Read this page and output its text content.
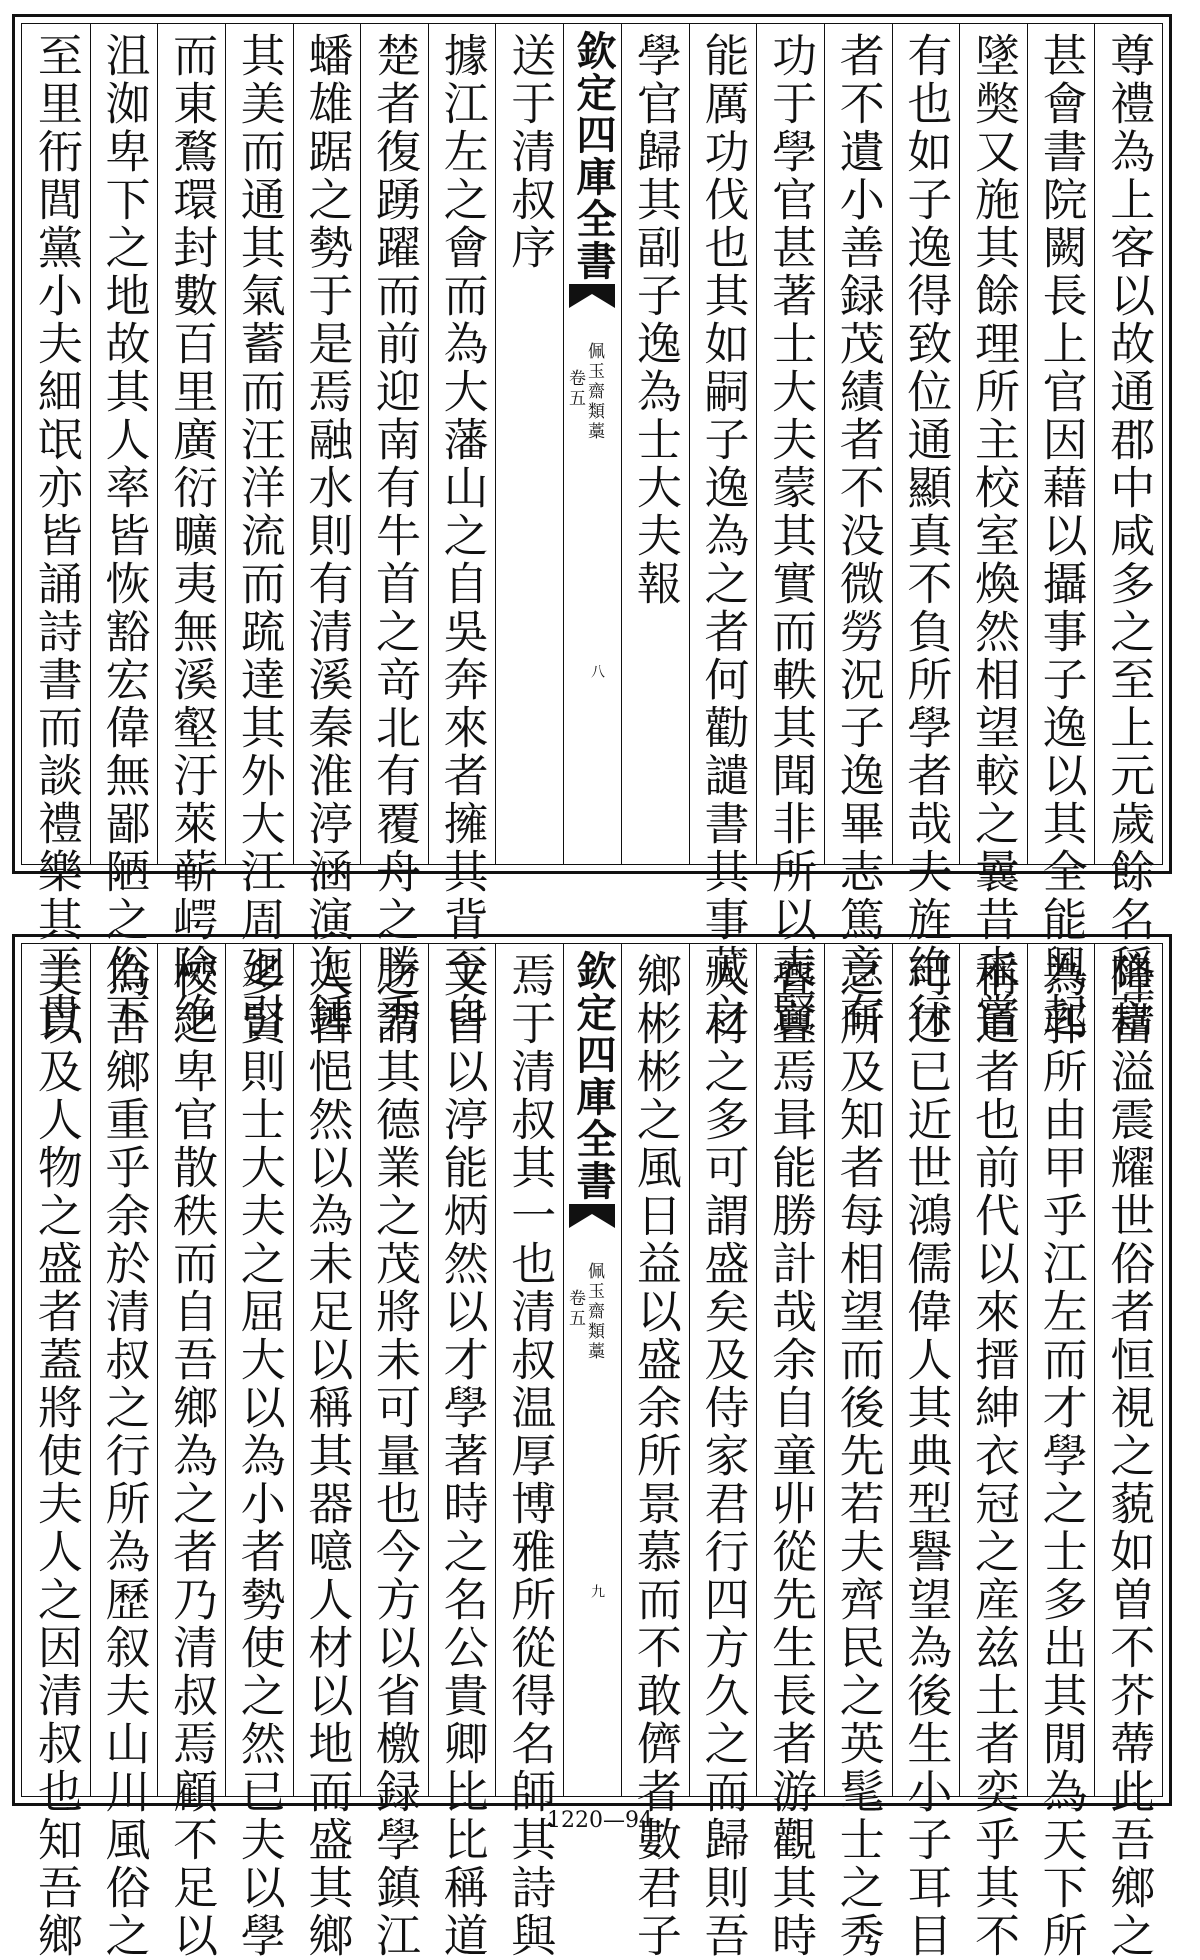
尊禮為上客以故通郡中咸多之至上元歲餘名稱藉
甚會書院闕長上官因藉以攝事子逸以其全能興起
墜獘又施其餘理所主校室煥然相望較之曩昔未嘗
有也如子逸得致位通顯真不負所學者哉夫旌絶行
者不遺小善録茂績者不没微勞況子逸畢志篤意有
功于學官甚著士大夫蒙其實而軼其聞非所以表賢
能厲功伐也其如嗣子逸為之者何勸譴書其事藏之
學官歸其副子逸為士大夫報
送于清叔序
據江左之會而為大藩山之自吳奔來者擁其背至自
楚者復踴躍而前迎南有牛首之竒北有覆舟之勝秀
蟠雄踞之勢于是焉融水則有清溪秦淮渟涵演迤鍾
其美而通其氣蓄而汪洋流而䟽達其外大江周廻引
而東鶩環封數百里廣衍曠夷無溪壑汙萊蕲崿險絶
沮洳卑下之地故其人率皆恢豁宏偉無鄙陋之俗下
至里衎閭黨小夫細氓亦皆誦詩書而談禮樂其于貴	欽定四庫全書
佩玉齋類藁
卷五
八
隆富溢震耀世俗者恒視之藐如曽不芥蔕此吾鄉之
為郛所由甲乎江左而才學之士多出其閒為天下所
稱道者也前代以來搢紳衣冠之産兹土者奕乎其不
可述已近世鴻儒偉人其典型譽望為後生小子耳目
之所及知者每相望而後先若夫齊民之英髦士之秀
亹亹焉咠能勝計哉余自童丱從先生長者游觀其時
人材之多可謂盛矣及侍家君行四方久之而歸則吾
鄉彬彬之風日益以盛余所景慕而不敢儕者數君子
焉于清叔其一也清叔温厚博雅所從得名師其詩與
文皆以渟能炳然以才學著時之名公貴卿比比稱道
之謂其德業之茂將未可量也今方以省檄録學鎮江
人皆悒然以為未足以稱其器噫人材以地而盛其鄉
多賢則士大夫之屈大以為小者勢使之然已夫以學
校之卑官散秩而自吾鄉為之者乃清叔焉顧不足以
為吾鄉重乎余於清叔之行所為歷叙夫山川風俗之
美以及人物之盛者蓋將使夫人之因清叔也知吾鄉	欽定四庫全書
佩玉齋類藁
卷五
九
1220—94
